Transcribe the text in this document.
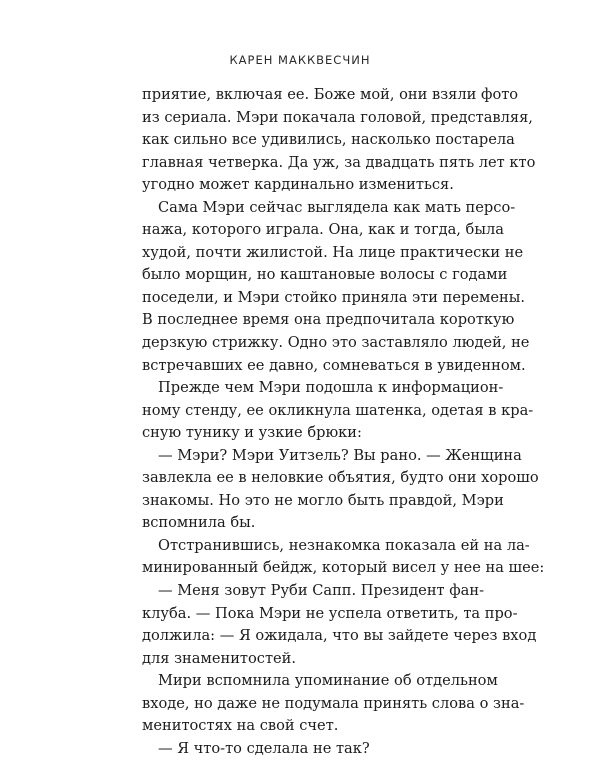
КАРЕН МАККВЕСЧИН
приятие, включая ее. Боже мой, они взяли фото
из сериала. Мэри покачала головой, представляя,
как сильно все удивились, насколько постарела
главная четверка. Да уж, за двадцать пять лет кто
угодно может кардинально измениться.
Сама Мэри сейчас выглядела как мать персо-
нажа, которого играла. Она, как и тогда, была
худой, почти жилистой. На лице практически не
было морщин, но каштановые волосы с годами
поседели, и Мэри стойко приняла эти перемены.
В последнее время она предпочитала короткую
дерзкую стрижку. Одно это заставляло людей, не
встречавших ее давно, сомневаться в увиденном.
Прежде чем Мэри подошла к информацион-
ному стенду, ее окликнула шатенка, одетая в кра-
сную тунику и узкие брюки:
— Мэри? Мэри Уитзель? Вы рано. — Женщина
завлекла ее в неловкие объятия, будто они хорошо
знакомы. Но это не могло быть правдой, Мэри
вспомнила бы.
Отстранившись, незнакомка показала ей на ла-
минированный бейдж, который висел у нее на шее:
— Меня зовут Руби Сапп. Президент фан-
клуба. — Пока Мэри не успела ответить, та про-
должила: — Я ожидала, что вы зайдете через вход
для знаменитостей.
Мири вспомнила упоминание об отдельном
входе, но даже не подумала принять слова о зна-
менитостях на свой счет.
— Я что-то сделала не так?
